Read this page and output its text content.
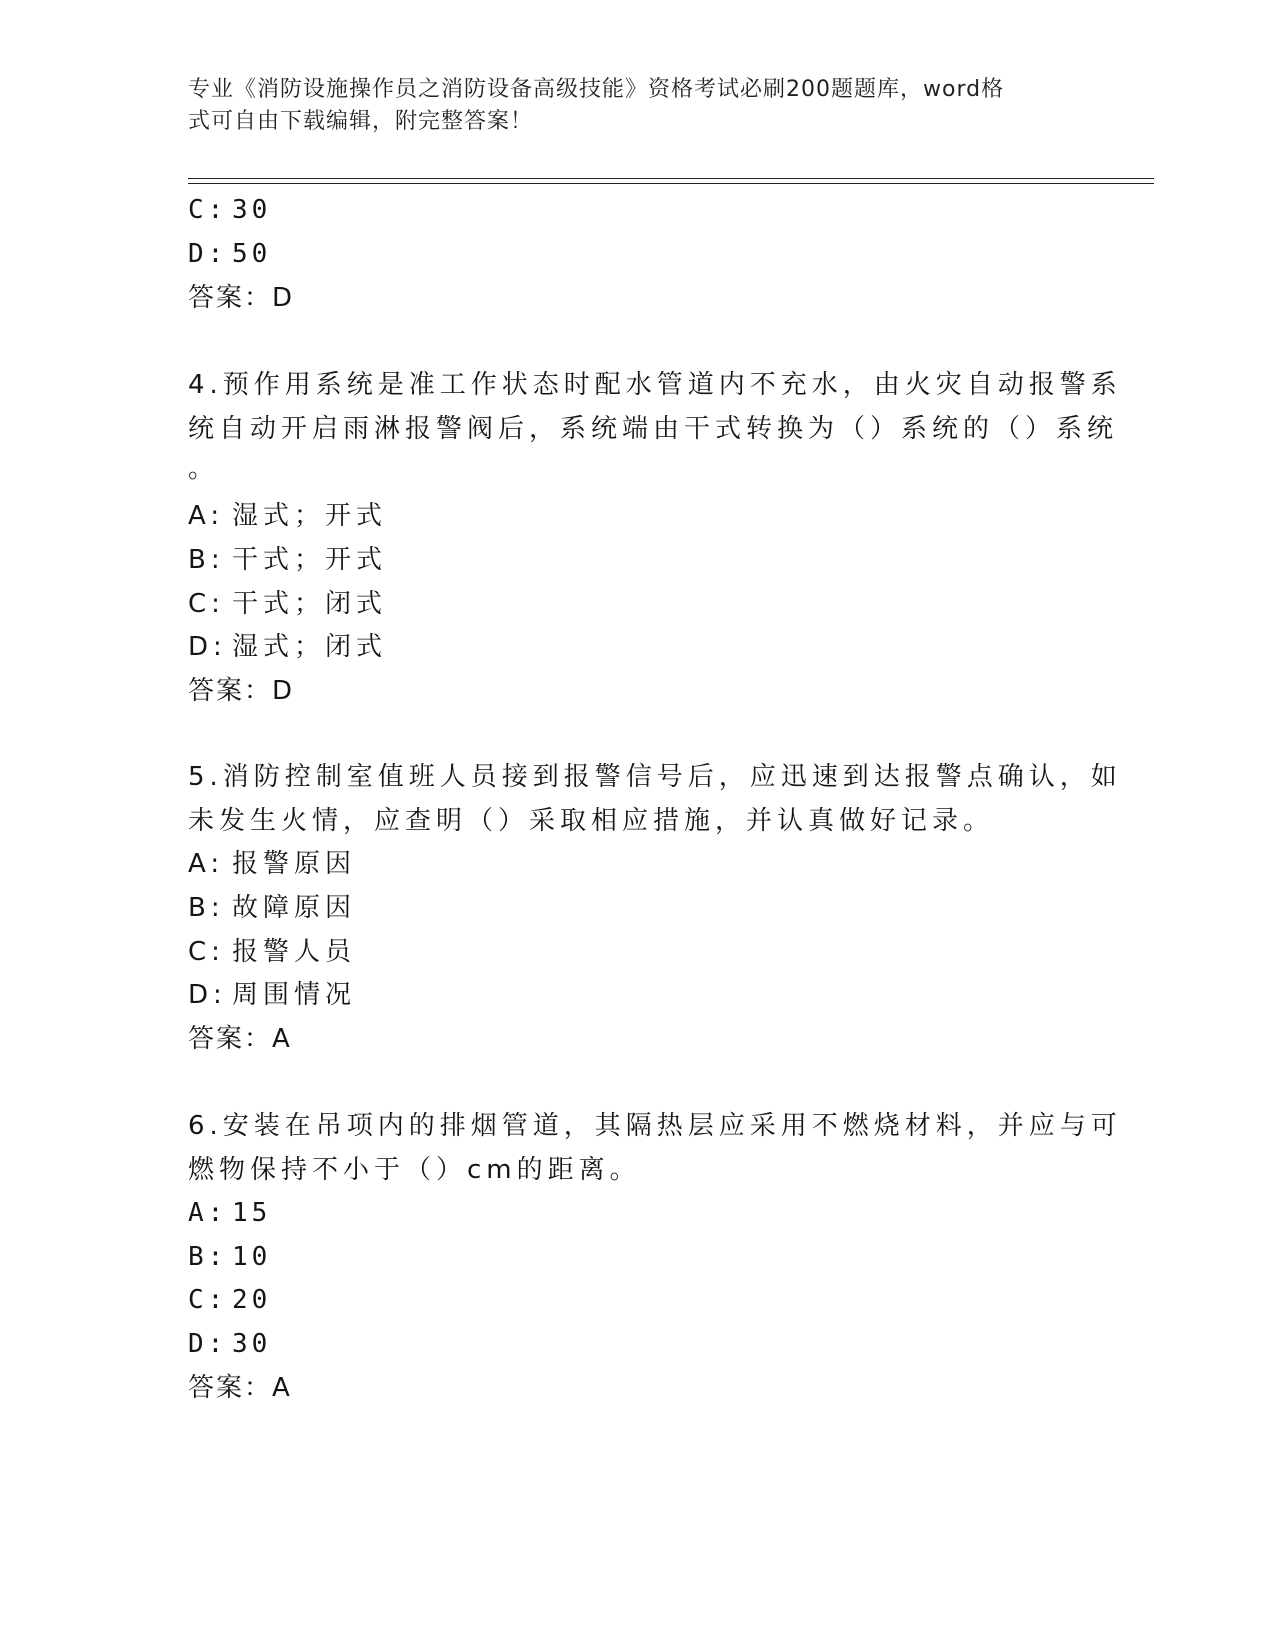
专业《消防设施操作员之消防设备高级技能》资格考试必刷200题题库，word格
式可自由下载编辑，附完整答案！
C: 30
D: 50
答案：D
4.预作用系统是准工作状态时配水管道内不充水，由火灾自动报警系
统自动开启雨淋报警阀后，系统端由干式转换为（）系统的（）系统
。
A: 湿式；开式
B: 干式；开式
C: 干式；闭式
D: 湿式；闭式
答案：D
5.消防控制室值班人员接到报警信号后，应迅速到达报警点确认，如
未发生火情，应查明（）采取相应措施，并认真做好记录。
A: 报警原因
B: 故障原因
C: 报警人员
D: 周围情况
答案：A
6.安装在吊项内的排烟管道，其隔热层应采用不燃烧材料，并应与可
燃物保持不小于（）cm的距离。
A: 15
B: 10
C: 20
D: 30
答案：A
